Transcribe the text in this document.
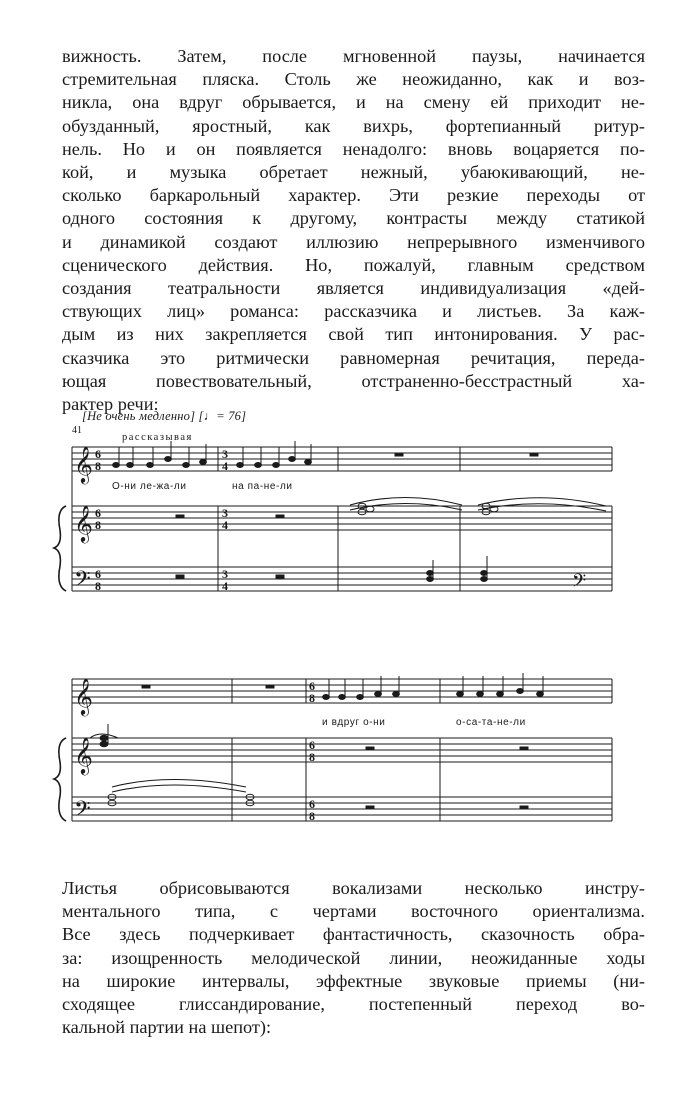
вижность. Затем, после мгновенной паузы, начинается
стремительная пляска. Столь же неожиданно, как и воз-
никла, она вдруг обрывается, и на смену ей приходит не-
обузданный, яростный, как вихрь, фортепианный ритур-
нель. Но и он появляется ненадолго: вновь воцаряется по-
кой, и музыка обретает нежный, убаюкивающий, не-
сколько баркарольный характер. Эти резкие переходы от
одного состояния к другому, контрасты между статикой
и динамикой создают иллюзию непрерывного изменчивого
сценического действия. Но, пожалуй, главным средством
создания театральности является индивидуализация «дей-
ствующих лиц» романса: рассказчика и листьев. За каж-
дым из них закрепляется свой тип интонирования. У рас-
сказчика это ритмически равномерная речитация, переда-
ющая повествовательный, отстраненно-бесстрастный ха-
рактер речи:
[Не очень медленно] [♩= 76]
41
рассказывая
О-ни ле-жа-ли	на па-не-ли
и вдруг о-ни	о-са-та-не-ли
𝄞
𝄞
𝄢
𝄞
𝄞
𝄢
𝄢
6
8
6
8
6
8
3
4
3
4
3
4
6
8
6
8
6
8
Листья обрисовываются вокализами несколько инстру-
ментального типа, с чертами восточного ориентализма.
Все здесь подчеркивает фантастичность, сказочность обра-
за: изощренность мелодической линии, неожиданные ходы
на широкие интервалы, эффектные звуковые приемы (ни-
сходящее глиссандирование, постепенный переход во-
кальной партии на шепот):
